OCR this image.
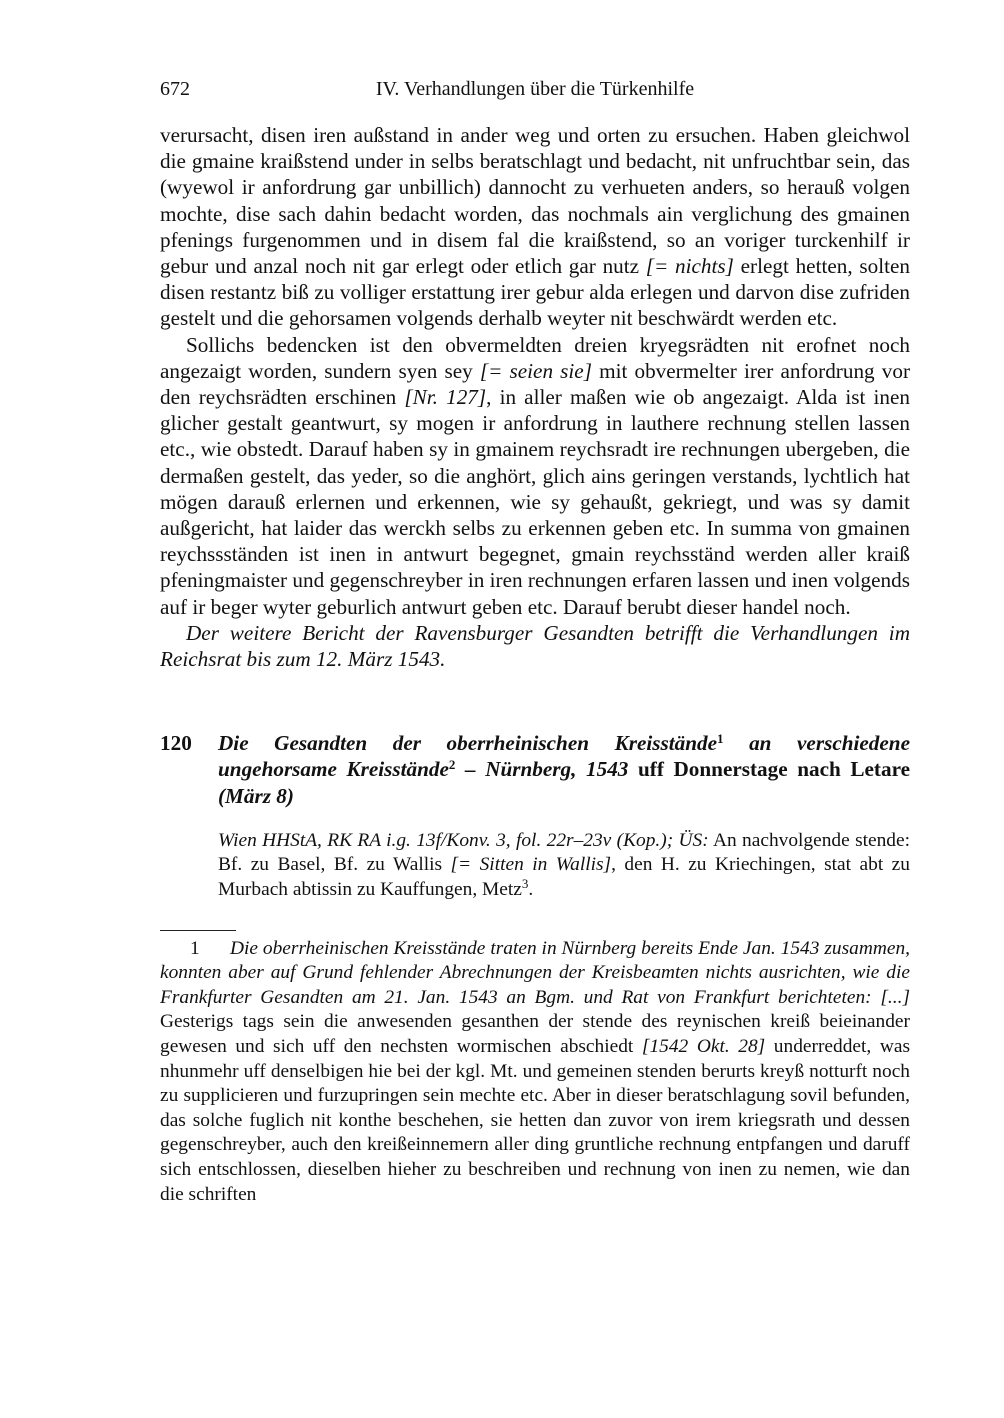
672	IV. Verhandlungen über die Türkenhilfe

verursacht, disen iren außstand in ander weg und orten zu ersuchen. Haben gleichwol die gmaine kraißstend under in selbs beratschlagt und bedacht, nit unfruchtbar sein, das (wyewol ir anfordrung gar unbillich) dannocht zu verhueten anders, so herauß volgen mochte, dise sach dahin bedacht worden, das nochmals ain verglichung des gmainen pfenings furgenommen und in disem fal die kraißstend, so an voriger turckenhilf ir gebur und anzal noch nit gar erlegt oder etlich gar nutz [= nichts] erlegt hetten, solten disen restantz biß zu volliger erstattung irer gebur alda erlegen und darvon dise zufriden gestelt und die gehorsamen volgends derhalb weyter nit beschwärdt werden etc.

Sollichs bedencken ist den obvermeldten dreien kryegsrädten nit erofnet noch angezaigt worden, sundern syen sey [= seien sie] mit obvermelter irer anfordrung vor den reychsrädten erschinen [Nr. 127], in aller maßen wie ob angezaigt. Alda ist inen glicher gestalt geantwurt, sy mogen ir anfordrung in lauthere rechnung stellen lassen etc., wie obstedt. Darauf haben sy in gmainem reychsradt ire rechnungen ubergeben, die dermaßen gestelt, das yeder, so die anghört, glich ains geringen verstands, lychtlich hat mögen darauß erlernen und erkennen, wie sy gehaußt, gekriegt, und was sy damit außgericht, hat laider das werckh selbs zu erkennen geben etc. In summa von gmainen reychssständen ist inen in antwurt begegnet, gmain reychsständ werden aller kraiß pfeningmaister und gegenschreyber in iren rechnungen erfaren lassen und inen volgends auf ir beger wyter geburlich antwurt geben etc. Darauf berubt dieser handel noch.

Der weitere Bericht der Ravensburger Gesandten betrifft die Verhandlungen im Reichsrat bis zum 12. März 1543.

120	Die Gesandten der oberrheinischen Kreisstände$^1$ an verschiedene ungehorsame Kreisstände$^2$ – Nürnberg, 1543 uff Donnerstage nach Letare (März 8)

Wien HHStA, RK RA i.g. 13f/Konv. 3, fol. 22r–23v (Kop.); ÜS: An nachvolgende stende: Bf. zu Basel, Bf. zu Wallis [= Sitten in Wallis], den H. zu Kriechingen, stat abt zu Murbach abtissin zu Kauffungen, Metz$^3$.

1 Die oberrheinischen Kreisstände traten in Nürnberg bereits Ende Jan. 1543 zusammen, konnten aber auf Grund fehlender Abrechnungen der Kreisbeamten nichts ausrichten, wie die Frankfurter Gesandten am 21. Jan. 1543 an Bgm. und Rat von Frankfurt berichteten: [...] Gesterigs tags sein die anwesenden gesanthen der stende des reynischen kreiß beieinander gewesen und sich uff den nechsten wormischen abschiedt [1542 Okt. 28] underreddet, was nhunmehr uff denselbigen hie bei der kgl. Mt. und gemeinen stenden berurts kreyß notturft noch zu supplicieren und furzupringen sein mechte etc. Aber in dieser beratschlagung sovil befunden, das solche fuglich nit konthe beschehen, sie hetten dan zuvor von irem kriegsrath und dessen gegenschreyber, auch den kreißeinnemern aller ding gruntliche rechnung entpfangen und daruff sich entschlossen, dieselben hieher zu beschreiben und rechnung von inen zu nemen, wie dan die schriften
